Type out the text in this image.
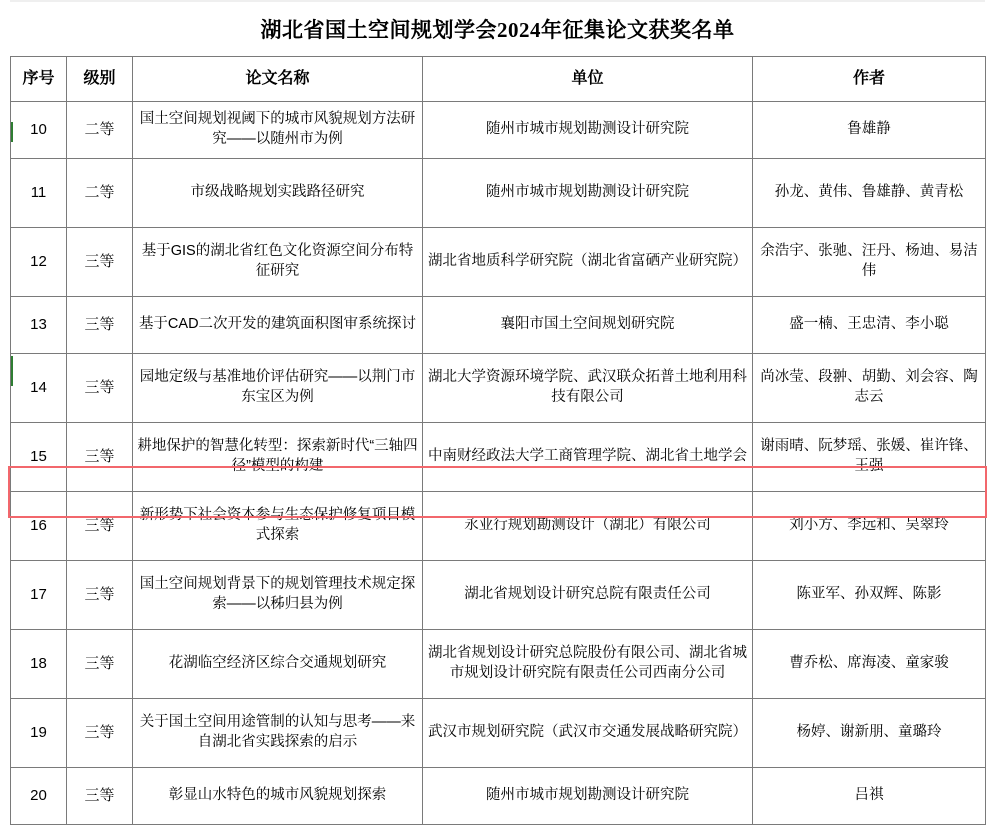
湖北省国土空间规划学会2024年征集论文获奖名单
序号	级别	论文名称	单位	作者
10	二等	国土空间规划视阈下的城市风貌规划方法研究——以随州市为例	随州市城市规划勘测设计研究院	鲁雄静
11	二等	市级战略规划实践路径研究	随州市城市规划勘测设计研究院	孙龙、黄伟、鲁雄静、黄青松
12	三等	基于GIS的湖北省红色文化资源空间分布特征研究	湖北省地质科学研究院（湖北省富硒产业研究院）	余浩宇、张驰、汪丹、杨迪、易洁伟
13	三等	基于CAD二次开发的建筑面积图审系统探讨	襄阳市国土空间规划研究院	盛一楠、王忠清、李小聪
14	三等	园地定级与基准地价评估研究——以荆门市东宝区为例	湖北大学资源环境学院、武汉联众拓普土地利用科技有限公司	尚冰莹、段翀、胡勤、刘会容、陶志云
15	三等	耕地保护的智慧化转型：探索新时代“三轴四径”模型的构建	中南财经政法大学工商管理学院、湖北省土地学会	谢雨晴、阮梦瑶、张媛、崔许锋、王强
16	三等	新形势下社会资本参与生态保护修复项目模式探索	永业行规划勘测设计（湖北）有限公司	刘小方、李远和、吴翠玲
17	三等	国土空间规划背景下的规划管理技术规定探索——以秭归县为例	湖北省规划设计研究总院有限责任公司	陈亚军、孙双辉、陈影
18	三等	花湖临空经济区综合交通规划研究	湖北省规划设计研究总院股份有限公司、湖北省城市规划设计研究院有限责任公司西南分公司	曹乔松、席海凌、童家骏
19	三等	关于国土空间用途管制的认知与思考——来自湖北省实践探索的启示	武汉市规划研究院（武汉市交通发展战略研究院）	杨婷、谢新朋、童璐玲
20	三等	彰显山水特色的城市风貌规划探索	随州市城市规划勘测设计研究院	吕祺
